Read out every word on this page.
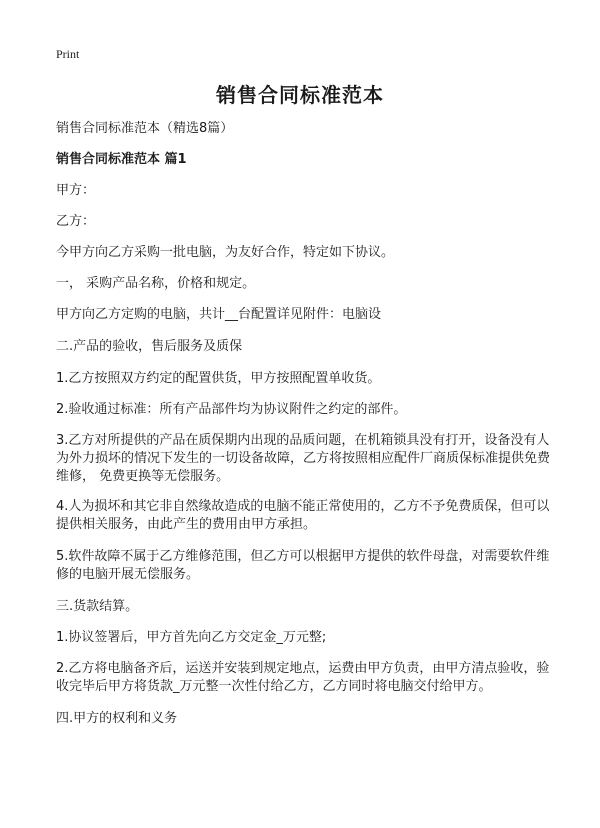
Print
销售合同标准范本

销售合同标准范本（精选8篇）

销售合同标准范本 篇1

甲方：

乙方：

今甲方向乙方采购一批电脑，为友好合作，特定如下协议。

一， 采购产品名称，价格和规定。

甲方向乙方定购的电脑，共计__台配置详见附件：电脑设

二.产品的验收，售后服务及质保

1.乙方按照双方约定的配置供货，甲方按照配置单收货。

2.验收通过标准：所有产品部件均为协议附件之约定的部件。

3.乙方对所提供的产品在质保期内出现的品质问题，在机箱锁具没有打开，设备没有人为外力损坏的情况下发生的一切设备故障，乙方将按照相应配件厂商质保标准提供免费维修， 免费更换等无偿服务。

4.人为损坏和其它非自然缘故造成的电脑不能正常使用的，乙方不予免费质保，但可以提供相关服务，由此产生的费用由甲方承担。

5.软件故障不属于乙方维修范围，但乙方可以根据甲方提供的软件母盘，对需要软件维修的电脑开展无偿服务。

三.货款结算。

1.协议签署后，甲方首先向乙方交定金_万元整;

2.乙方将电脑备齐后，运送并安装到规定地点，运费由甲方负责，由甲方清点验收，验收完毕后甲方将货款_万元整一次性付给乙方，乙方同时将电脑交付给甲方。

四.甲方的权利和义务
